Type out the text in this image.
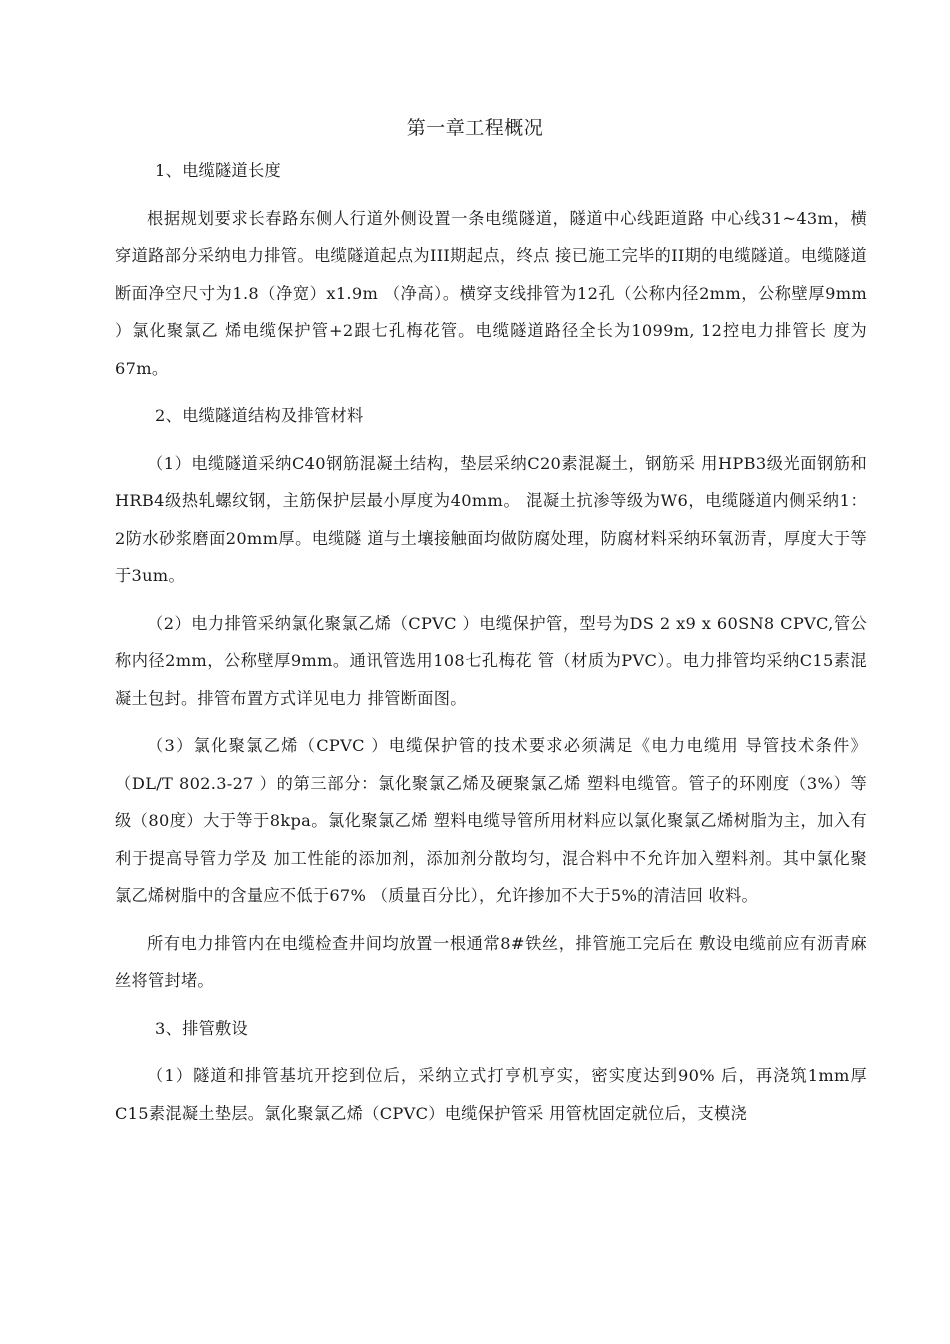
第一章工程概况

1、电缆隧道长度

根据规划要求长春路东侧人行道外侧设置一条电缆隧道，隧道中心线距道路 中心线31~43m，横穿道路部分采纳电力排管。电缆隧道起点为III期起点，终点 接已施工完毕的II期的电缆隧道。电缆隧道断面净空尺寸为1.8（净宽）x1.9m （净高）。横穿支线排管为12孔（公称内径2mm，公称壁厚9mm ）氯化聚氯乙 烯电缆保护管+2跟七孔梅花管。电缆隧道路径全长为1099m, 12控电力排管长 度为67m。

2、电缆隧道结构及排管材料

（1）电缆隧道采纳C40钢筋混凝土结构，垫层采纳C20素混凝土，钢筋采 用HPB3级光面钢筋和HRB4级热轧螺纹钢，主筋保护层最小厚度为40mm。 混凝土抗渗等级为W6，电缆隧道内侧采纳1： 2防水砂浆磨面20mm厚。电缆隧 道与土壤接触面均做防腐处理，防腐材料采纳环氧沥青，厚度大于等于3um。

（2）电力排管采纳氯化聚氯乙烯（CPVC ）电缆保护管，型号为DS 2 x9 x 60SN8 CPVC,管公称内径2mm，公称壁厚9mm。通讯管选用108七孔梅花 管（材质为PVC）。电力排管均采纳C15素混凝土包封。排管布置方式详见电力 排管断面图。

（3）氯化聚氯乙烯（CPVC ）电缆保护管的技术要求必须满足《电力电缆用 导管技术条件》（DL/T 802.3-27 ）的第三部分：氯化聚氯乙烯及硬聚氯乙烯 塑料电缆管。管子的环刚度（3%）等级（80度）大于等于8kpa。氯化聚氯乙烯 塑料电缆导管所用材料应以氯化聚氯乙烯树脂为主，加入有利于提高导管力学及 加工性能的添加剂，添加剂分散均匀，混合料中不允许加入塑料剂。其中氯化聚 氯乙烯树脂中的含量应不低于67% （质量百分比），允许掺加不大于5%的清洁回 收料。

所有电力排管内在电缆检查井间均放置一根通常8#铁丝，排管施工完后在 敷设电缆前应有沥青麻丝将管封堵。

3、排管敷设

（1）隧道和排管基坑开挖到位后，采纳立式打亨机亨实，密实度达到90% 后，再浇筑1mm厚C15素混凝土垫层。氯化聚氯乙烯（CPVC）电缆保护管采 用管枕固定就位后，支模浇
